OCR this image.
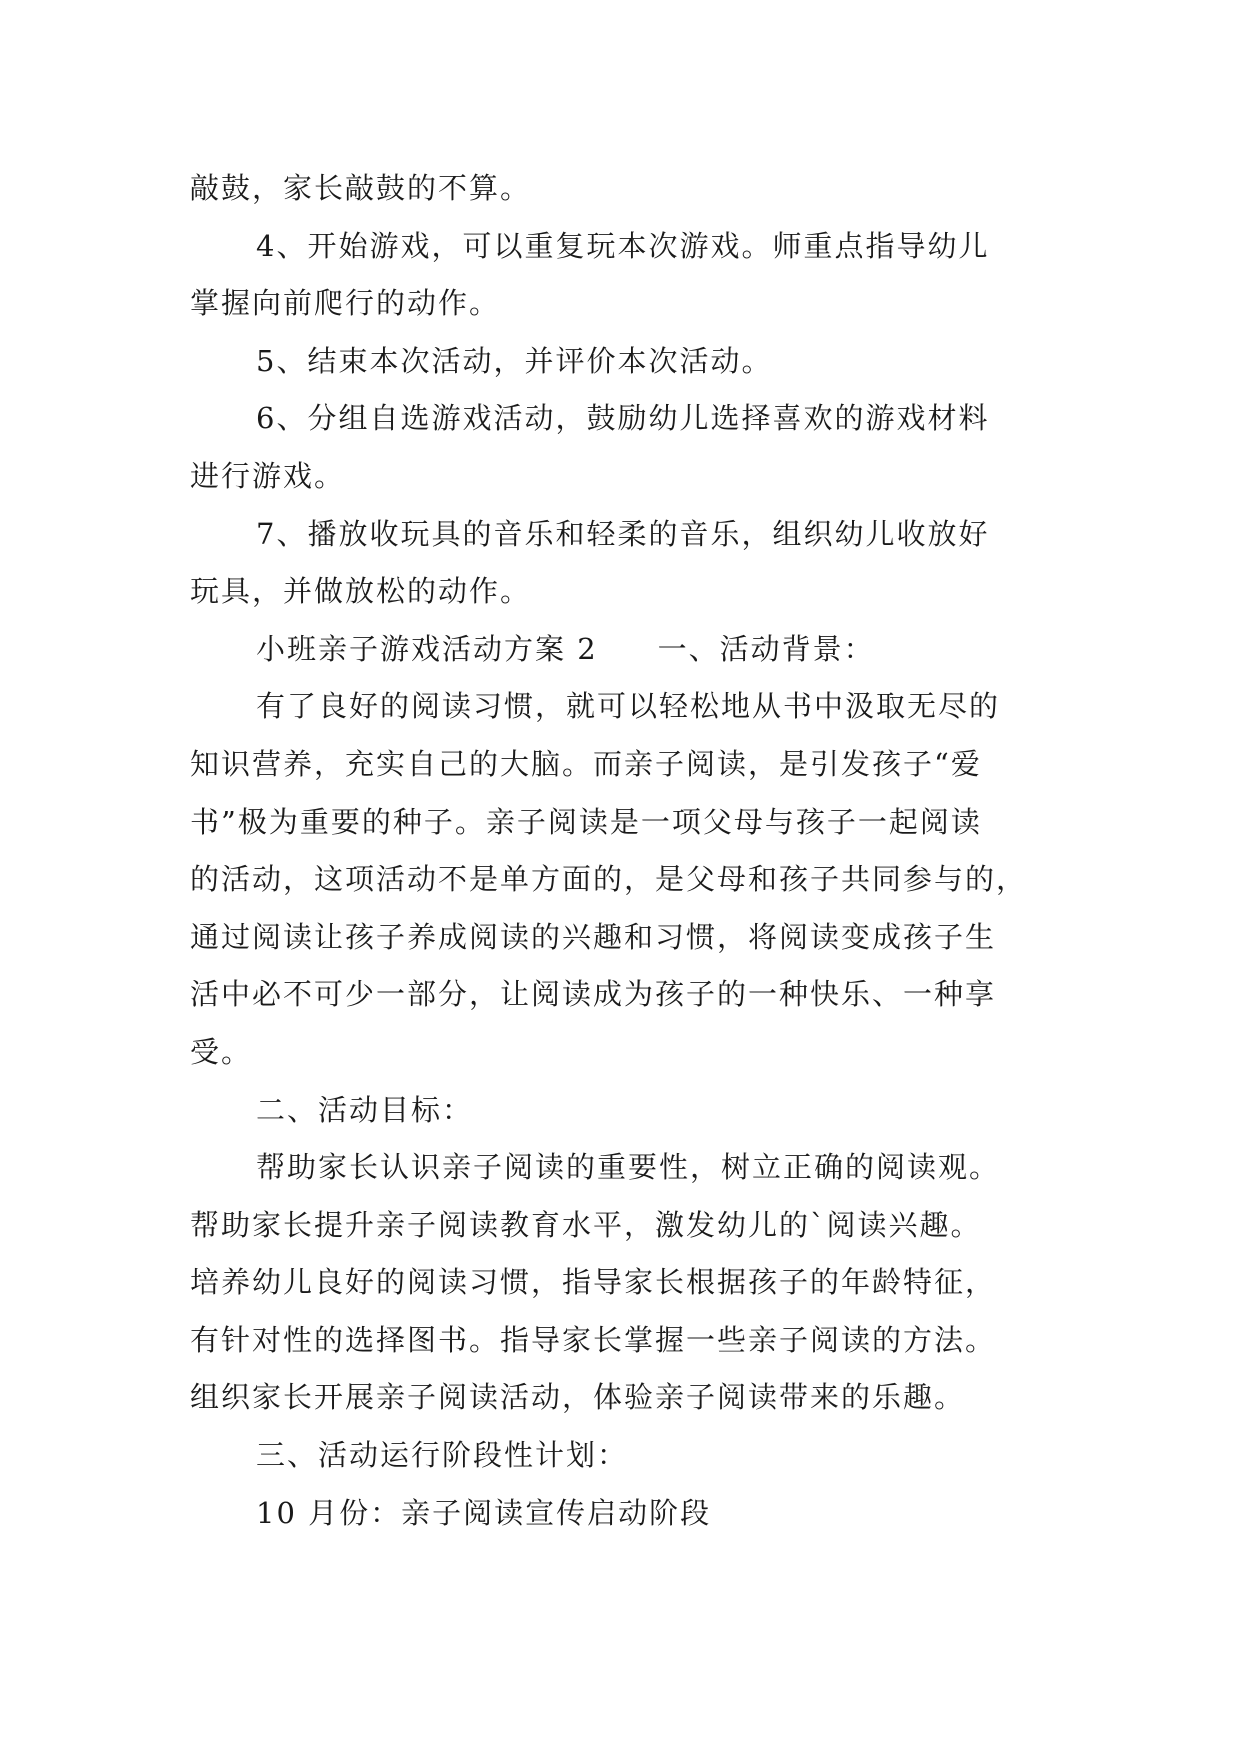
敲鼓，家长敲鼓的不算。

4、开始游戏，可以重复玩本次游戏。师重点指导幼儿
掌握向前爬行的动作。

5、结束本次活动，并评价本次活动。

6、分组自选游戏活动，鼓励幼儿选择喜欢的游戏材料
进行游戏。

7、播放收玩具的音乐和轻柔的音乐，组织幼儿收放好
玩具，并做放松的动作。

小班亲子游戏活动方案 2 一、活动背景：

有了良好的阅读习惯，就可以轻松地从书中汲取无尽的
知识营养，充实自己的大脑。而亲子阅读，是引发孩子“爱
书”极为重要的种子。亲子阅读是一项父母与孩子一起阅读
的活动，这项活动不是单方面的，是父母和孩子共同参与的，
通过阅读让孩子养成阅读的兴趣和习惯，将阅读变成孩子生
活中必不可少一部分，让阅读成为孩子的一种快乐、一种享
受。

二、活动目标：

帮助家长认识亲子阅读的重要性，树立正确的阅读观。
帮助家长提升亲子阅读教育水平，激发幼儿的`阅读兴趣。
培养幼儿良好的阅读习惯，指导家长根据孩子的年龄特征，
有针对性的选择图书。指导家长掌握一些亲子阅读的方法。
组织家长开展亲子阅读活动，体验亲子阅读带来的乐趣。

三、活动运行阶段性计划：

10 月份：亲子阅读宣传启动阶段
